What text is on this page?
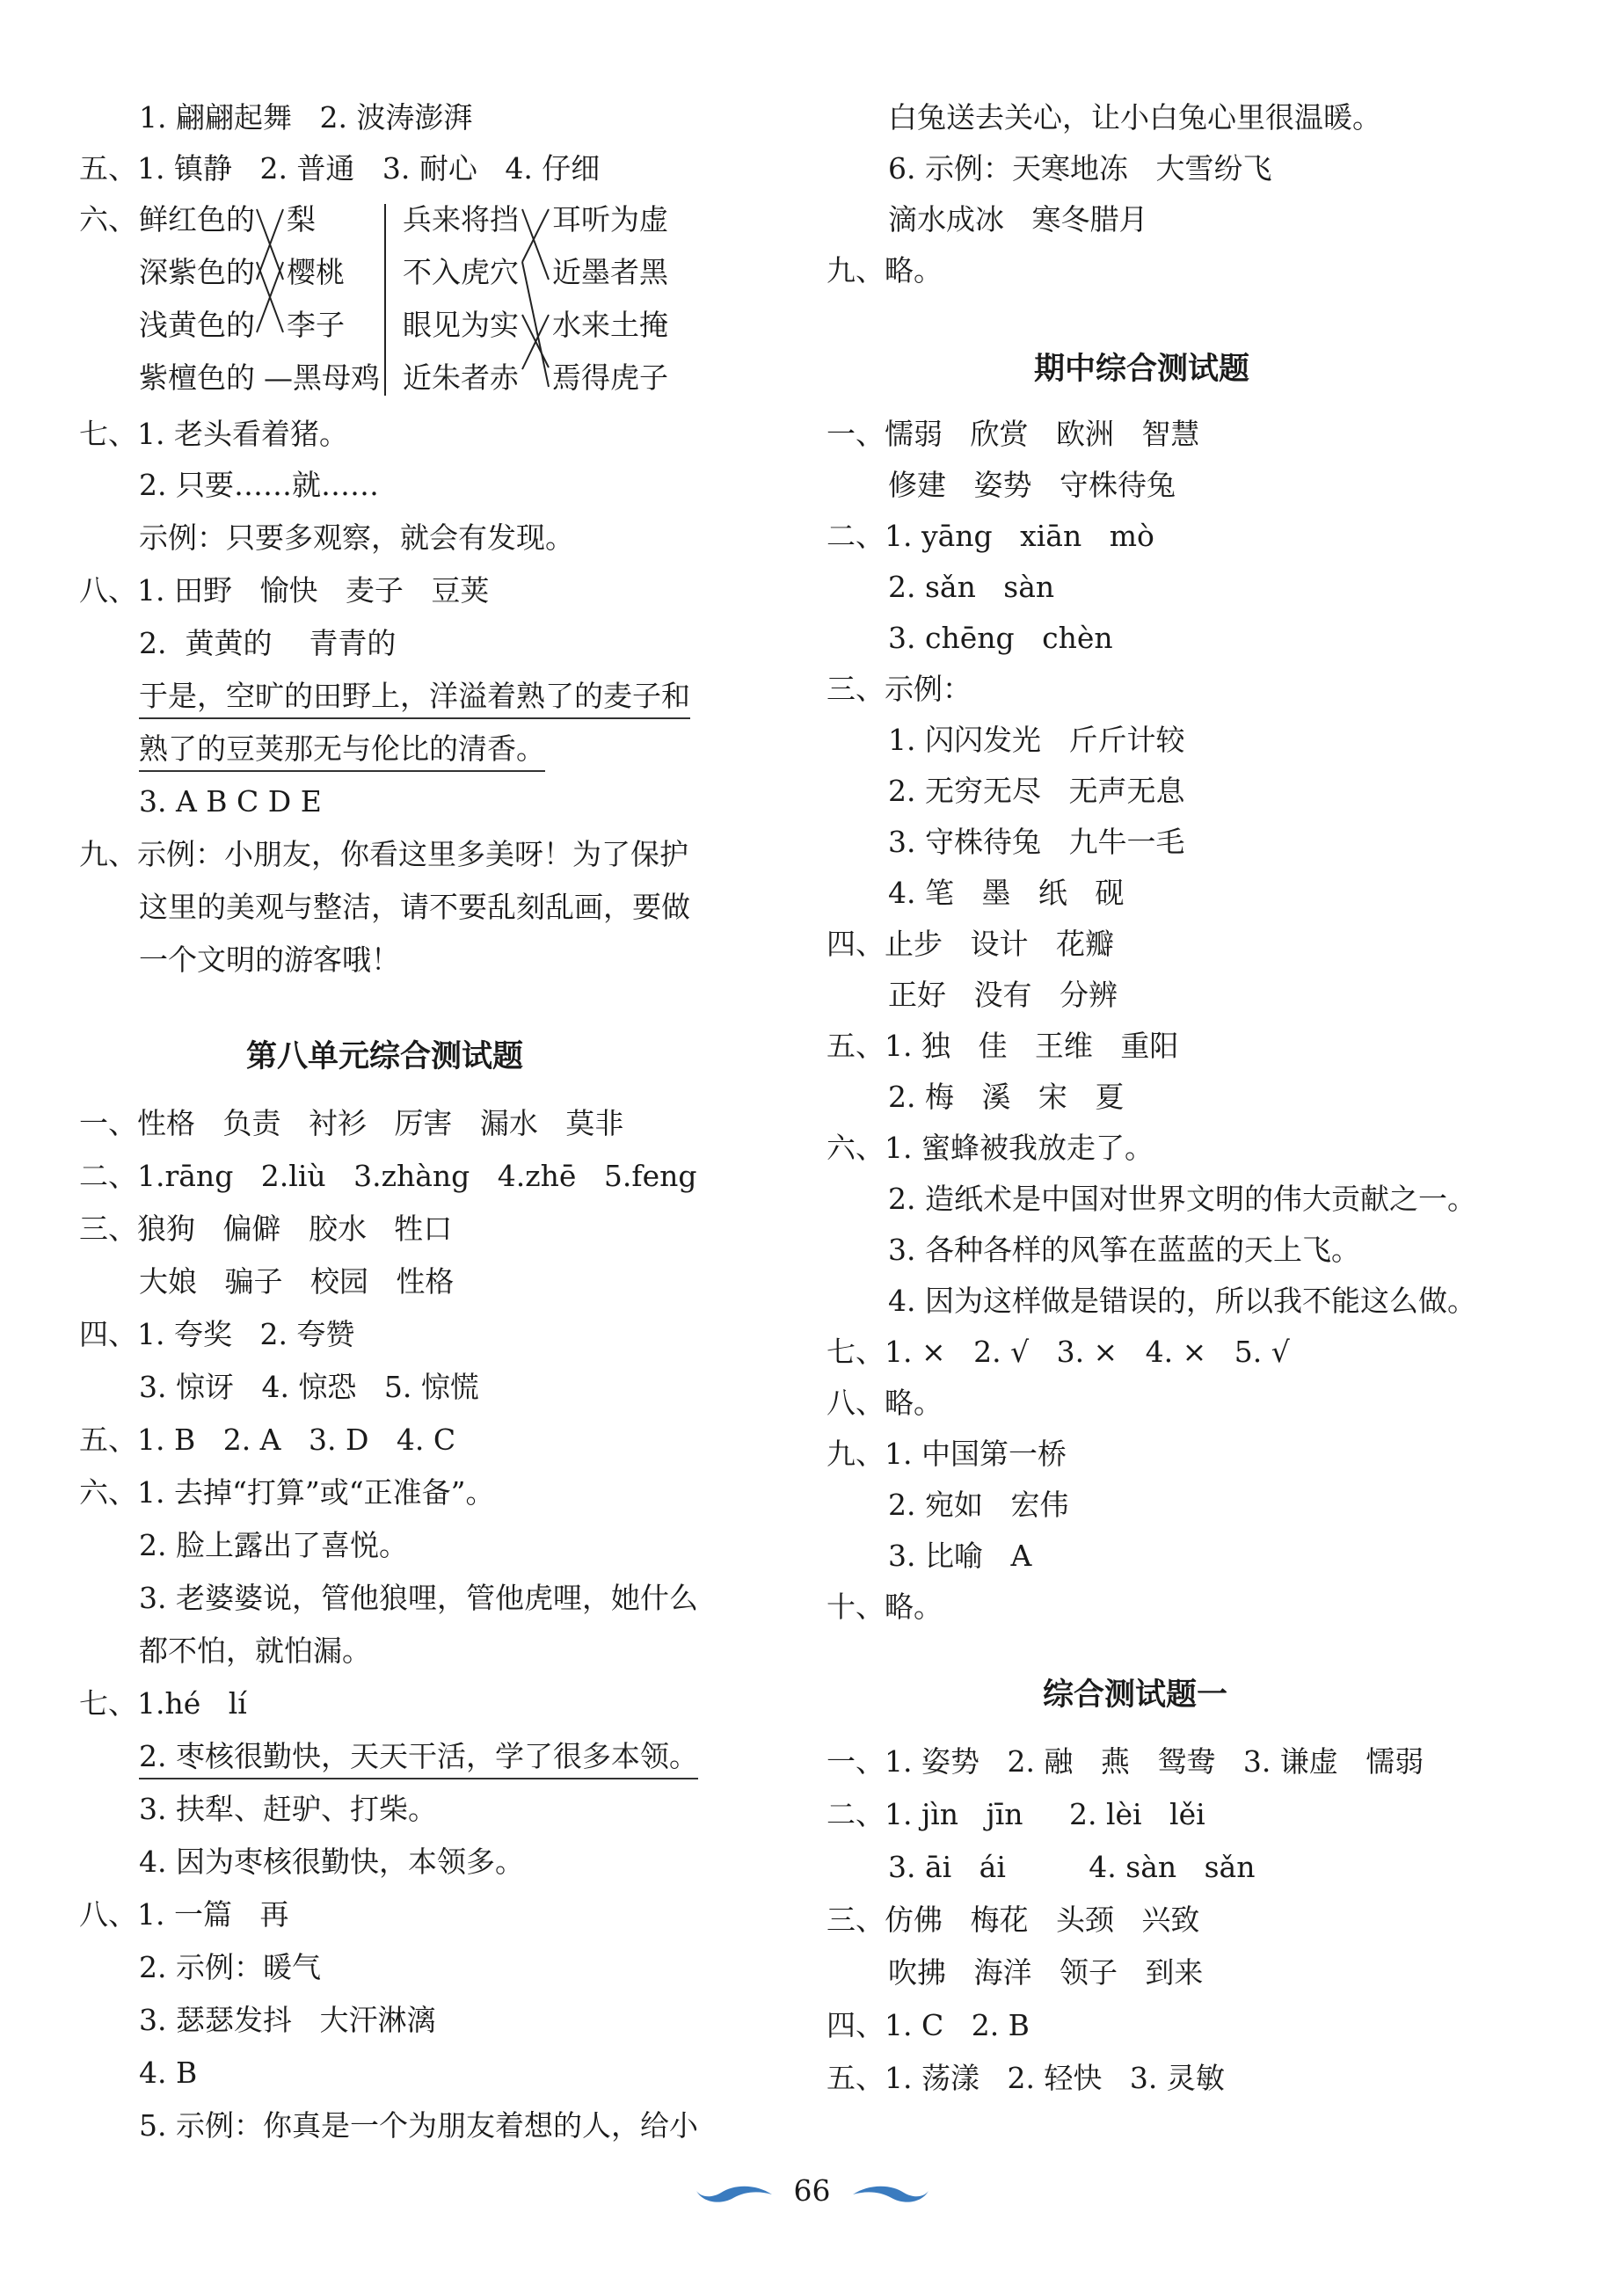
1. 翩翩起舞   2. 波涛澎湃
五、1. 镇静   2. 普通   3. 耐心   4. 仔细
六、 鲜红色的
深紫色的
浅黄色的
紫檀色的
梨
樱桃
李子
—黑母鸡
兵来将挡
不入虎穴
眼见为实
近朱者赤
耳听为虚
近墨者黑
水来土掩
焉得虎子
七、1. 老头看着猪。
2. 只要……就……
示例：只要多观察，就会有发现。
八、1. 田野   愉快   麦子   豆荚
2.  黄黄的    青青的
于是，空旷的田野上，洋溢着熟了的麦子和
熟了的豆荚那无与伦比的清香。
3. A B C D E
九、示例：小朋友，你看这里多美呀！为了保护
这里的美观与整洁，请不要乱刻乱画，要做
一个文明的游客哦！
第八单元综合测试题
一、性格   负责   衬衫   厉害   漏水   莫非
二、1.rāng   2.liù   3.zhàng   4.zhē   5.feng
三、狼狗   偏僻   胶水   牲口
大娘   骗子   校园   性格
四、1. 夸奖   2. 夸赞
3. 惊讶   4. 惊恐   5. 惊慌
五、1. B   2. A   3. D   4. C
六、1. 去掉“打算”或“正准备”。
2. 脸上露出了喜悦。
3. 老婆婆说，管他狼哩，管他虎哩，她什么
都不怕，就怕漏。
七、1.hé   lí
2. 枣核很勤快，天天干活，学了很多本领。
3. 扶犁、赶驴、打柴。
4. 因为枣核很勤快，本领多。
八、1. 一篇   再
2. 示例：暖气
3. 瑟瑟发抖   大汗淋漓
4. B
5. 示例：你真是一个为朋友着想的人，给小
白兔送去关心，让小白兔心里很温暖。
6. 示例：天寒地冻   大雪纷飞
滴水成冰   寒冬腊月
九、略。
期中综合测试题
一、懦弱   欣赏   欧洲   智慧
修建   姿势   守株待兔
二、1. yāng   xiān   mò
2. sǎn   sàn
3. chēng   chèn
三、示例：
1. 闪闪发光   斤斤计较
2. 无穷无尽   无声无息
3. 守株待兔   九牛一毛
4. 笔   墨   纸   砚
四、止步   设计   花瓣
正好   没有   分辨
五、1. 独   佳   王维   重阳
2. 梅   溪   宋   夏
六、1. 蜜蜂被我放走了。
2. 造纸术是中国对世界文明的伟大贡献之一。
3. 各种各样的风筝在蓝蓝的天上飞。
4. 因为这样做是错误的，所以我不能这么做。
七、1. ×   2. √   3. ×   4. ×   5. √
八、略。
九、1. 中国第一桥
2. 宛如   宏伟
3. 比喻   A
十、略。
综合测试题一
一、1. 姿势   2. 融   燕   鸳鸯   3. 谦虚   懦弱
二、1. jìn   jīn     2. lèi   lěi
3. āi   ái         4. sàn   sǎn
三、仿佛   梅花   头颈   兴致
吹拂   海洋   领子   到来
四、1. C   2. B
五、1. 荡漾   2. 轻快   3. 灵敏
66
